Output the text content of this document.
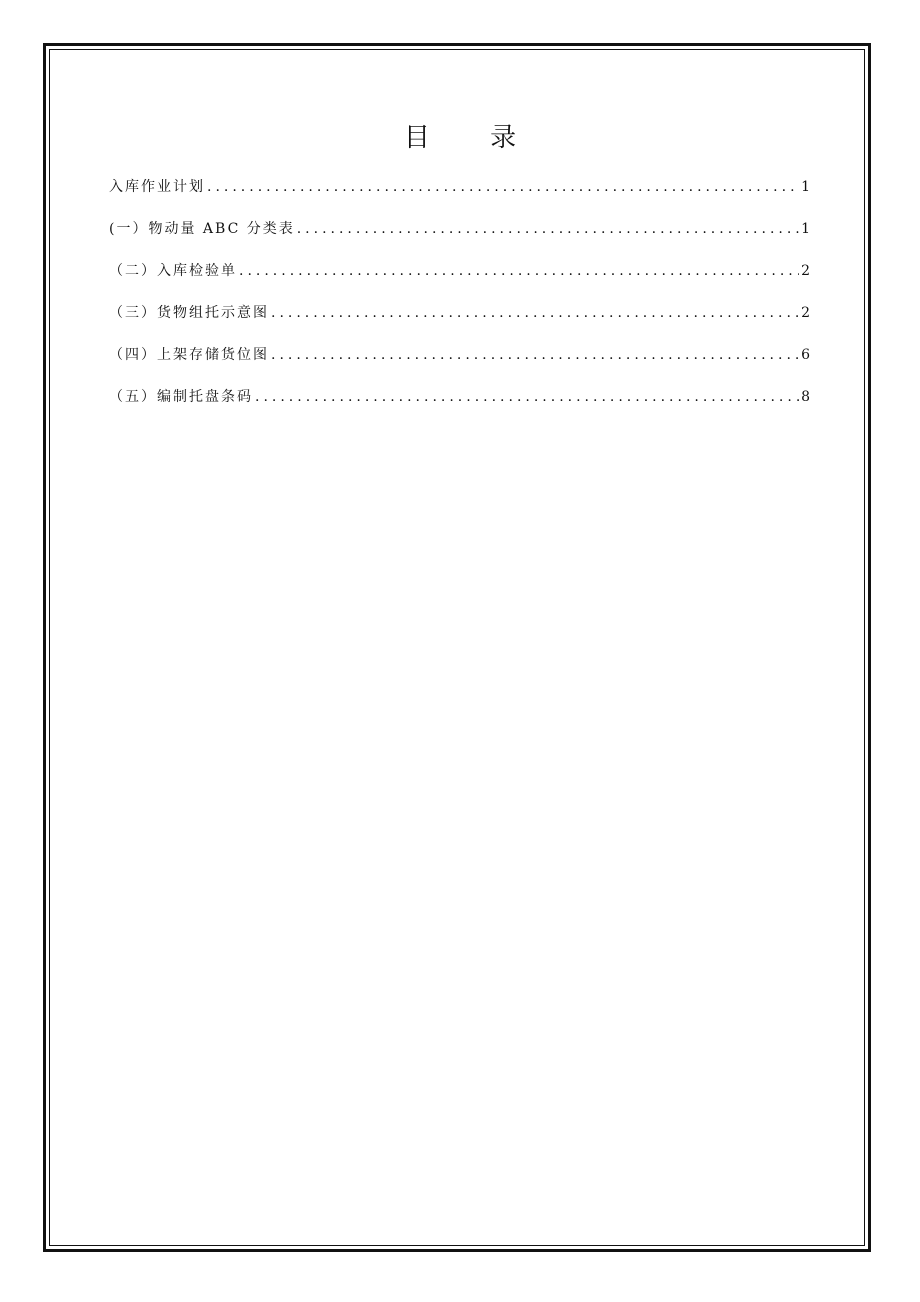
目 录
入库作业计划 .....	1
(一）物动量 ABC 分类表 .....	1
（二）入库检验单 .....	2
（三）货物组托示意图 .....	2
（四）上架存储货位图 .....	6
（五）编制托盘条码 .....	8
